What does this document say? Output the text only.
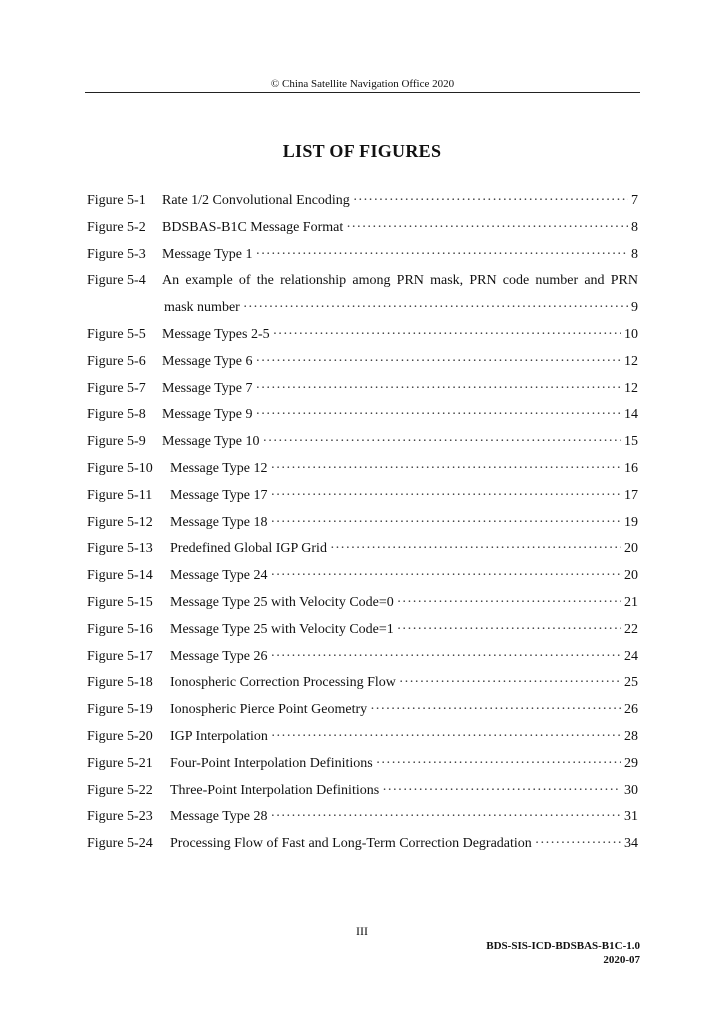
© China Satellite Navigation Office 2020
LIST OF FIGURES
Figure 5-1	Rate 1/2 Convolutional Encoding ·····	7
Figure 5-2	BDSBAS-B1C Message Format ·····	8
Figure 5-3	Message Type 1 ·····	8
Figure 5-4	An example of the relationship among PRN mask, PRN code number and PRN
mask number ·····	9
Figure 5-5	Message Types 2-5 ·····	10
Figure 5-6	Message Type 6 ·····	12
Figure 5-7	Message Type 7 ·····	12
Figure 5-8	Message Type 9 ·····	14
Figure 5-9	Message Type 10 ·····	15
Figure 5-10	Message Type 12 ·····	16
Figure 5-11	Message Type 17 ·····	17
Figure 5-12	Message Type 18 ·····	19
Figure 5-13	Predefined Global IGP Grid ·····	20
Figure 5-14	Message Type 24 ·····	20
Figure 5-15	Message Type 25 with Velocity Code=0 ·····	21
Figure 5-16	Message Type 25 with Velocity Code=1 ·····	22
Figure 5-17	Message Type 26 ·····	24
Figure 5-18	Ionospheric Correction Processing Flow ·····	25
Figure 5-19	Ionospheric Pierce Point Geometry ·····	26
Figure 5-20	IGP Interpolation ·····	28
Figure 5-21	Four-Point Interpolation Definitions ·····	29
Figure 5-22	Three-Point Interpolation Definitions ·····	30
Figure 5-23	Message Type 28 ·····	31
Figure 5-24	Processing Flow of Fast and Long-Term Correction Degradation ·····	34
III
BDS-SIS-ICD-BDSBAS-B1C-1.0
2020-07
